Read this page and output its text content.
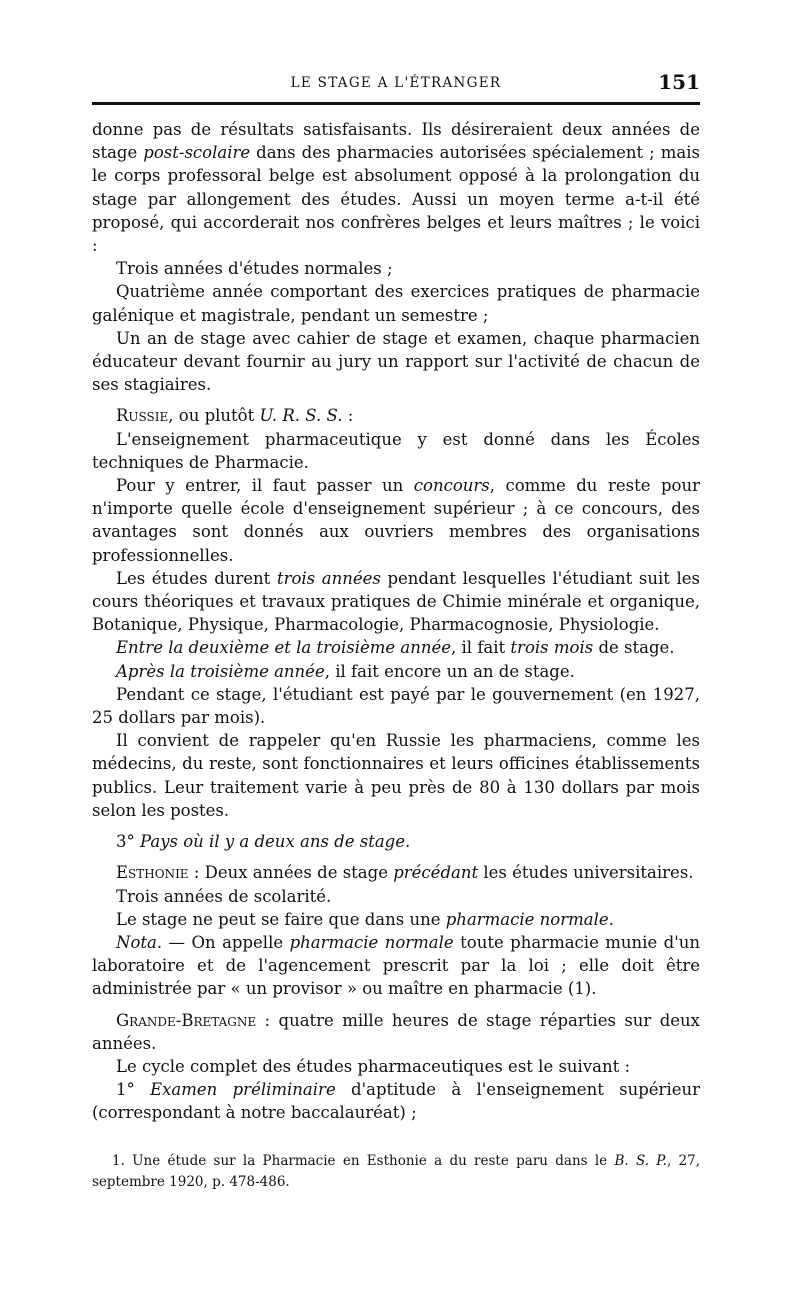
LE STAGE A L'ÉTRANGER	151

donne pas de résultats satisfaisants. Ils désireraient deux années de stage post-scolaire dans des pharmacies autorisées spécialement ; mais le corps professoral belge est absolument opposé à la prolongation du stage par allongement des études. Aussi un moyen terme a-t-il été proposé, qui accorderait nos confrères belges et leurs maîtres ; le voici :

Trois années d'études normales ;

Quatrième année comportant des exercices pratiques de pharmacie galénique et magistrale, pendant un semestre ;

Un an de stage avec cahier de stage et examen, chaque pharmacien éducateur devant fournir au jury un rapport sur l'activité de chacun de ses stagiaires.

Russie, ou plutôt U. R. S. S. :

L'enseignement pharmaceutique y est donné dans les Écoles techniques de Pharmacie.

Pour y entrer, il faut passer un concours, comme du reste pour n'importe quelle école d'enseignement supérieur ; à ce concours, des avantages sont donnés aux ouvriers membres des organisations professionnelles.

Les études durent trois années pendant lesquelles l'étudiant suit les cours théoriques et travaux pratiques de Chimie minérale et organique, Botanique, Physique, Pharmacologie, Pharmacognosie, Physiologie.

Entre la deuxième et la troisième année, il fait trois mois de stage.

Après la troisième année, il fait encore un an de stage.

Pendant ce stage, l'étudiant est payé par le gouvernement (en 1927, 25 dollars par mois).

Il convient de rappeler qu'en Russie les pharmaciens, comme les médecins, du reste, sont fonctionnaires et leurs officines établissements publics. Leur traitement varie à peu près de 80 à 130 dollars par mois selon les postes.

3° Pays où il y a deux ans de stage.

Esthonie : Deux années de stage précédant les études universitaires.

Trois années de scolarité.

Le stage ne peut se faire que dans une pharmacie normale.

Nota. — On appelle pharmacie normale toute pharmacie munie d'un laboratoire et de l'agencement prescrit par la loi ; elle doit être administrée par « un provisor » ou maître en pharmacie (1).

Grande-Bretagne : quatre mille heures de stage réparties sur deux années.

Le cycle complet des études pharmaceutiques est le suivant :

1° Examen préliminaire d'aptitude à l'enseignement supérieur (correspondant à notre baccalauréat) ;

1. Une étude sur la Pharmacie en Esthonie a du reste paru dans le B. S. P., 27, septembre 1920, p. 478-486.
